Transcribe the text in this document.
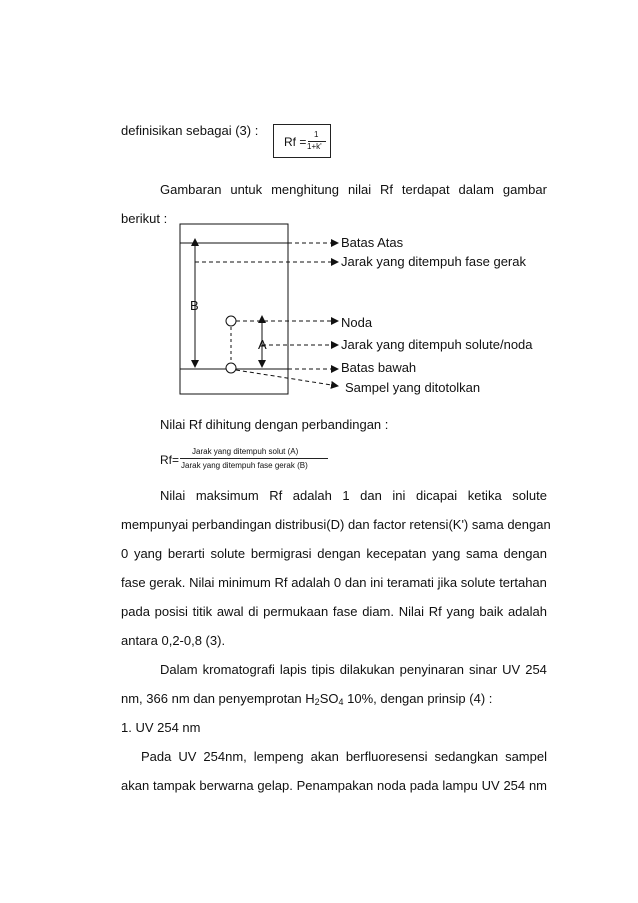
definisikan sebagai (3) :
Rf =
1
1+k'
Gambaran untuk menghitung nilai Rf terdapat dalam gambar
berikut :
Batas Atas
Jarak yang ditempuh fase gerak
B
Noda
A	Jarak yang ditempuh solute/noda
Batas bawah
Sampel yang ditotolkan
Nilai Rf dihitung dengan perbandingan :
Rf=
Jarak yang ditempuh solut (A)
Jarak yang ditempuh fase gerak (B)
Nilai maksimum Rf adalah 1 dan ini dicapai ketika solute
mempunyai perbandingan distribusi(D) dan factor retensi(K') sama dengan
0 yang berarti solute bermigrasi dengan kecepatan yang sama dengan
fase gerak. Nilai minimum Rf adalah 0 dan ini teramati jika solute tertahan
pada posisi titik awal di permukaan fase diam. Nilai Rf yang baik adalah
antara 0,2-0,8 (3).
Dalam kromatografi lapis tipis dilakukan penyinaran sinar UV 254
nm, 366 nm dan penyemprotan $H_2SO_4$ 10%, dengan prinsip (4) :
1. UV 254 nm
Pada UV 254nm, lempeng akan berfluoresensi sedangkan sampel
akan tampak berwarna gelap. Penampakan noda pada lampu UV 254 nm
